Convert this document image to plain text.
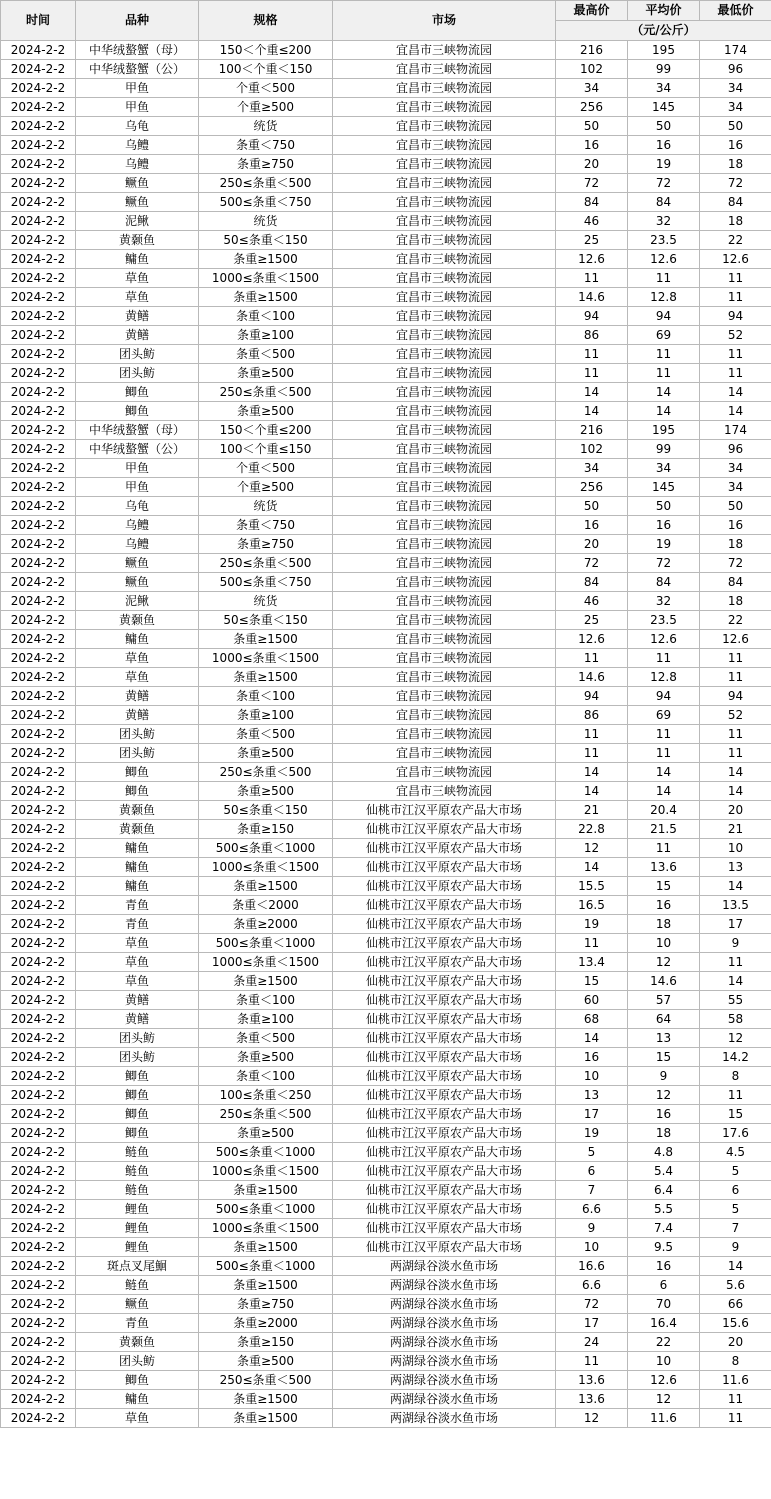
时间	品种	规格	市场	最高价	平均价	最低价
				（元/公斤）		
2024-2-2	中华绒螯蟹（母）	150＜个重≤200	宜昌市三峡物流园	216	195	174
2024-2-2	中华绒螯蟹（公）	100＜个重＜150	宜昌市三峡物流园	102	99	96
2024-2-2	甲鱼	个重＜500	宜昌市三峡物流园	34	34	34
2024-2-2	甲鱼	个重≥500	宜昌市三峡物流园	256	145	34
2024-2-2	乌龟	统货	宜昌市三峡物流园	50	50	50
2024-2-2	乌鳢	条重＜750	宜昌市三峡物流园	16	16	16
2024-2-2	乌鳢	条重≥750	宜昌市三峡物流园	20	19	18
2024-2-2	鳜鱼	250≤条重＜500	宜昌市三峡物流园	72	72	72
2024-2-2	鳜鱼	500≤条重＜750	宜昌市三峡物流园	84	84	84
2024-2-2	泥鳅	统货	宜昌市三峡物流园	46	32	18
2024-2-2	黄颡鱼	50≤条重＜150	宜昌市三峡物流园	25	23.5	22
2024-2-2	鳙鱼	条重≥1500	宜昌市三峡物流园	12.6	12.6	12.6
2024-2-2	草鱼	1000≤条重＜1500	宜昌市三峡物流园	11	11	11
2024-2-2	草鱼	条重≥1500	宜昌市三峡物流园	14.6	12.8	11
2024-2-2	黄鳝	条重＜100	宜昌市三峡物流园	94	94	94
2024-2-2	黄鳝	条重≥100	宜昌市三峡物流园	86	69	52
2024-2-2	团头鲂	条重＜500	宜昌市三峡物流园	11	11	11
2024-2-2	团头鲂	条重≥500	宜昌市三峡物流园	11	11	11
2024-2-2	鲫鱼	250≤条重＜500	宜昌市三峡物流园	14	14	14
2024-2-2	鲫鱼	条重≥500	宜昌市三峡物流园	14	14	14
2024-2-2	中华绒螯蟹（母）	150＜个重≤200	宜昌市三峡物流园	216	195	174
2024-2-2	中华绒螯蟹（公）	100＜个重≤150	宜昌市三峡物流园	102	99	96
2024-2-2	甲鱼	个重＜500	宜昌市三峡物流园	34	34	34
2024-2-2	甲鱼	个重≥500	宜昌市三峡物流园	256	145	34
2024-2-2	乌龟	统货	宜昌市三峡物流园	50	50	50
2024-2-2	乌鳢	条重＜750	宜昌市三峡物流园	16	16	16
2024-2-2	乌鳢	条重≥750	宜昌市三峡物流园	20	19	18
2024-2-2	鳜鱼	250≤条重＜500	宜昌市三峡物流园	72	72	72
2024-2-2	鳜鱼	500≤条重＜750	宜昌市三峡物流园	84	84	84
2024-2-2	泥鳅	统货	宜昌市三峡物流园	46	32	18
2024-2-2	黄颡鱼	50≤条重＜150	宜昌市三峡物流园	25	23.5	22
2024-2-2	鳙鱼	条重≥1500	宜昌市三峡物流园	12.6	12.6	12.6
2024-2-2	草鱼	1000≤条重＜1500	宜昌市三峡物流园	11	11	11
2024-2-2	草鱼	条重≥1500	宜昌市三峡物流园	14.6	12.8	11
2024-2-2	黄鳝	条重＜100	宜昌市三峡物流园	94	94	94
2024-2-2	黄鳝	条重≥100	宜昌市三峡物流园	86	69	52
2024-2-2	团头鲂	条重＜500	宜昌市三峡物流园	11	11	11
2024-2-2	团头鲂	条重≥500	宜昌市三峡物流园	11	11	11
2024-2-2	鲫鱼	250≤条重＜500	宜昌市三峡物流园	14	14	14
2024-2-2	鲫鱼	条重≥500	宜昌市三峡物流园	14	14	14
2024-2-2	黄颡鱼	50≤条重＜150	仙桃市江汉平原农产品大市场	21	20.4	20
2024-2-2	黄颡鱼	条重≥150	仙桃市江汉平原农产品大市场	22.8	21.5	21
2024-2-2	鳙鱼	500≤条重＜1000	仙桃市江汉平原农产品大市场	12	11	10
2024-2-2	鳙鱼	1000≤条重＜1500	仙桃市江汉平原农产品大市场	14	13.6	13
2024-2-2	鳙鱼	条重≥1500	仙桃市江汉平原农产品大市场	15.5	15	14
2024-2-2	青鱼	条重＜2000	仙桃市江汉平原农产品大市场	16.5	16	13.5
2024-2-2	青鱼	条重≥2000	仙桃市江汉平原农产品大市场	19	18	17
2024-2-2	草鱼	500≤条重＜1000	仙桃市江汉平原农产品大市场	11	10	9
2024-2-2	草鱼	1000≤条重＜1500	仙桃市江汉平原农产品大市场	13.4	12	11
2024-2-2	草鱼	条重≥1500	仙桃市江汉平原农产品大市场	15	14.6	14
2024-2-2	黄鳝	条重＜100	仙桃市江汉平原农产品大市场	60	57	55
2024-2-2	黄鳝	条重≥100	仙桃市江汉平原农产品大市场	68	64	58
2024-2-2	团头鲂	条重＜500	仙桃市江汉平原农产品大市场	14	13	12
2024-2-2	团头鲂	条重≥500	仙桃市江汉平原农产品大市场	16	15	14.2
2024-2-2	鲫鱼	条重＜100	仙桃市江汉平原农产品大市场	10	9	8
2024-2-2	鲫鱼	100≤条重＜250	仙桃市江汉平原农产品大市场	13	12	11
2024-2-2	鲫鱼	250≤条重＜500	仙桃市江汉平原农产品大市场	17	16	15
2024-2-2	鲫鱼	条重≥500	仙桃市江汉平原农产品大市场	19	18	17.6
2024-2-2	鲢鱼	500≤条重＜1000	仙桃市江汉平原农产品大市场	5	4.8	4.5
2024-2-2	鲢鱼	1000≤条重＜1500	仙桃市江汉平原农产品大市场	6	5.4	5
2024-2-2	鲢鱼	条重≥1500	仙桃市江汉平原农产品大市场	7	6.4	6
2024-2-2	鲤鱼	500≤条重＜1000	仙桃市江汉平原农产品大市场	6.6	5.5	5
2024-2-2	鲤鱼	1000≤条重＜1500	仙桃市江汉平原农产品大市场	9	7.4	7
2024-2-2	鲤鱼	条重≥1500	仙桃市江汉平原农产品大市场	10	9.5	9
2024-2-2	斑点叉尾鮰	500≤条重＜1000	两湖绿谷淡水鱼市场	16.6	16	14
2024-2-2	鲢鱼	条重≥1500	两湖绿谷淡水鱼市场	6.6	6	5.6
2024-2-2	鳜鱼	条重≥750	两湖绿谷淡水鱼市场	72	70	66
2024-2-2	青鱼	条重≥2000	两湖绿谷淡水鱼市场	17	16.4	15.6
2024-2-2	黄颡鱼	条重≥150	两湖绿谷淡水鱼市场	24	22	20
2024-2-2	团头鲂	条重≥500	两湖绿谷淡水鱼市场	11	10	8
2024-2-2	鲫鱼	250≤条重＜500	两湖绿谷淡水鱼市场	13.6	12.6	11.6
2024-2-2	鳙鱼	条重≥1500	两湖绿谷淡水鱼市场	13.6	12	11
2024-2-2	草鱼	条重≥1500	两湖绿谷淡水鱼市场	12	11.6	11
